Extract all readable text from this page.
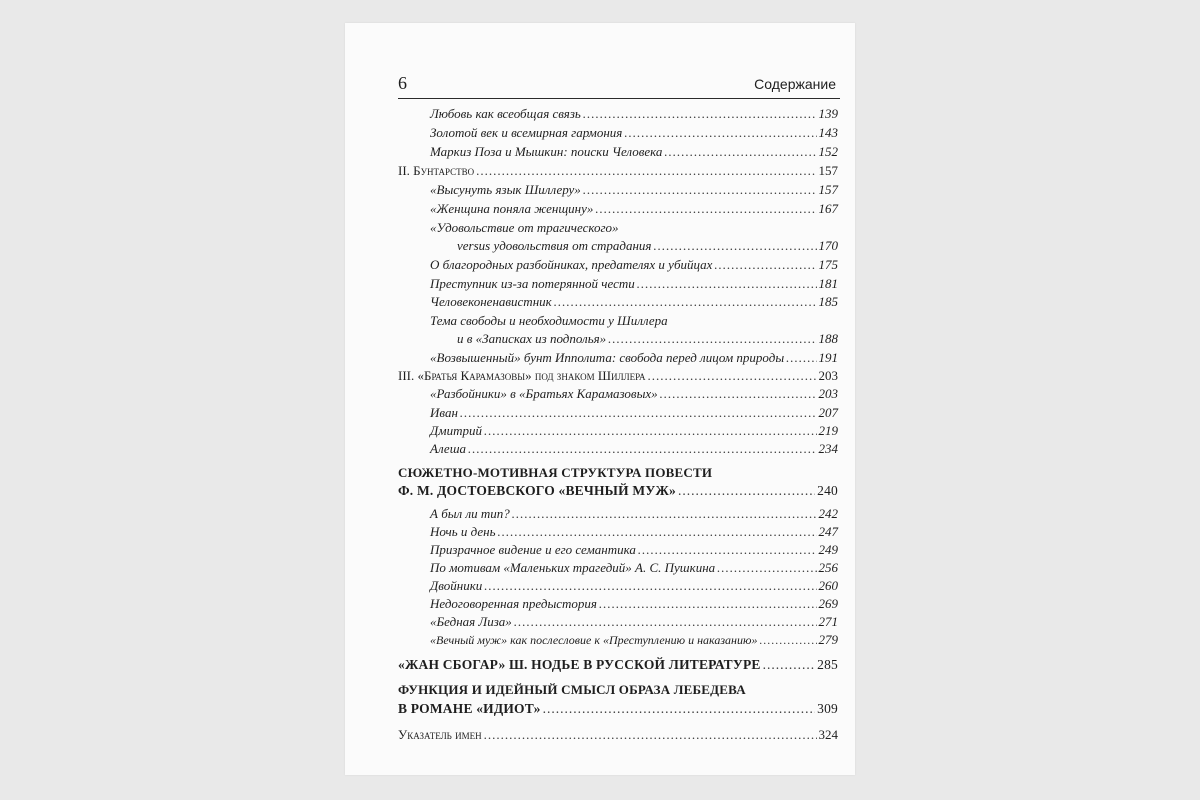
6	Содержание
Любовь как всеобщая связь .....	139
Золотой век и всемирная гармония .....	143
Маркиз Поза и Мышкин: поиски Человека .....	152
II. Бунтарство .....	157
«Высунуть язык Шиллеру» .....	157
«Женщина поняла женщину» .....	167
«Удовольствие от трагического»
versus удовольствия от страдания .....	170
О благородных разбойниках, предателях и убийцах .....	175
Преступник из-за потерянной чести .....	181
Человеконенавистник .....	185
Тема свободы и необходимости у Шиллера
и в «Записках из подполья» .....	188
«Возвышенный» бунт Ипполита: свобода перед лицом природы .....	191
III. «Братья Карамазовы» под знаком Шиллера .....	203
«Разбойники» в «Братьях Карамазовых» .....	203
Иван .....	207
Дмитрий .....	219
Алеша .....	234
СЮЖЕТНО-МОТИВНАЯ СТРУКТУРА ПОВЕСТИ
Ф. М. ДОСТОЕВСКОГО «ВЕЧНЫЙ МУЖ» .....	240
А был ли тип? .....	242
Ночь и день .....	247
Призрачное видение и его семантика .....	249
По мотивам «Маленьких трагедий» А. С. Пушкина .....	256
Двойники .....	260
Недоговоренная предыстория .....	269
«Бедная Лиза» .....	271
«Вечный муж» как послесловие к «Преступлению и наказанию» .....	279
«ЖАН СБОГАР» Ш. НОДЬЕ В РУССКОЙ ЛИТЕРАТУРЕ .....	285
ФУНКЦИЯ И ИДЕЙНЫЙ СМЫСЛ ОБРАЗА ЛЕБЕДЕВА
В РОМАНЕ «ИДИОТ» .....	309
Указатель имен .....	324
